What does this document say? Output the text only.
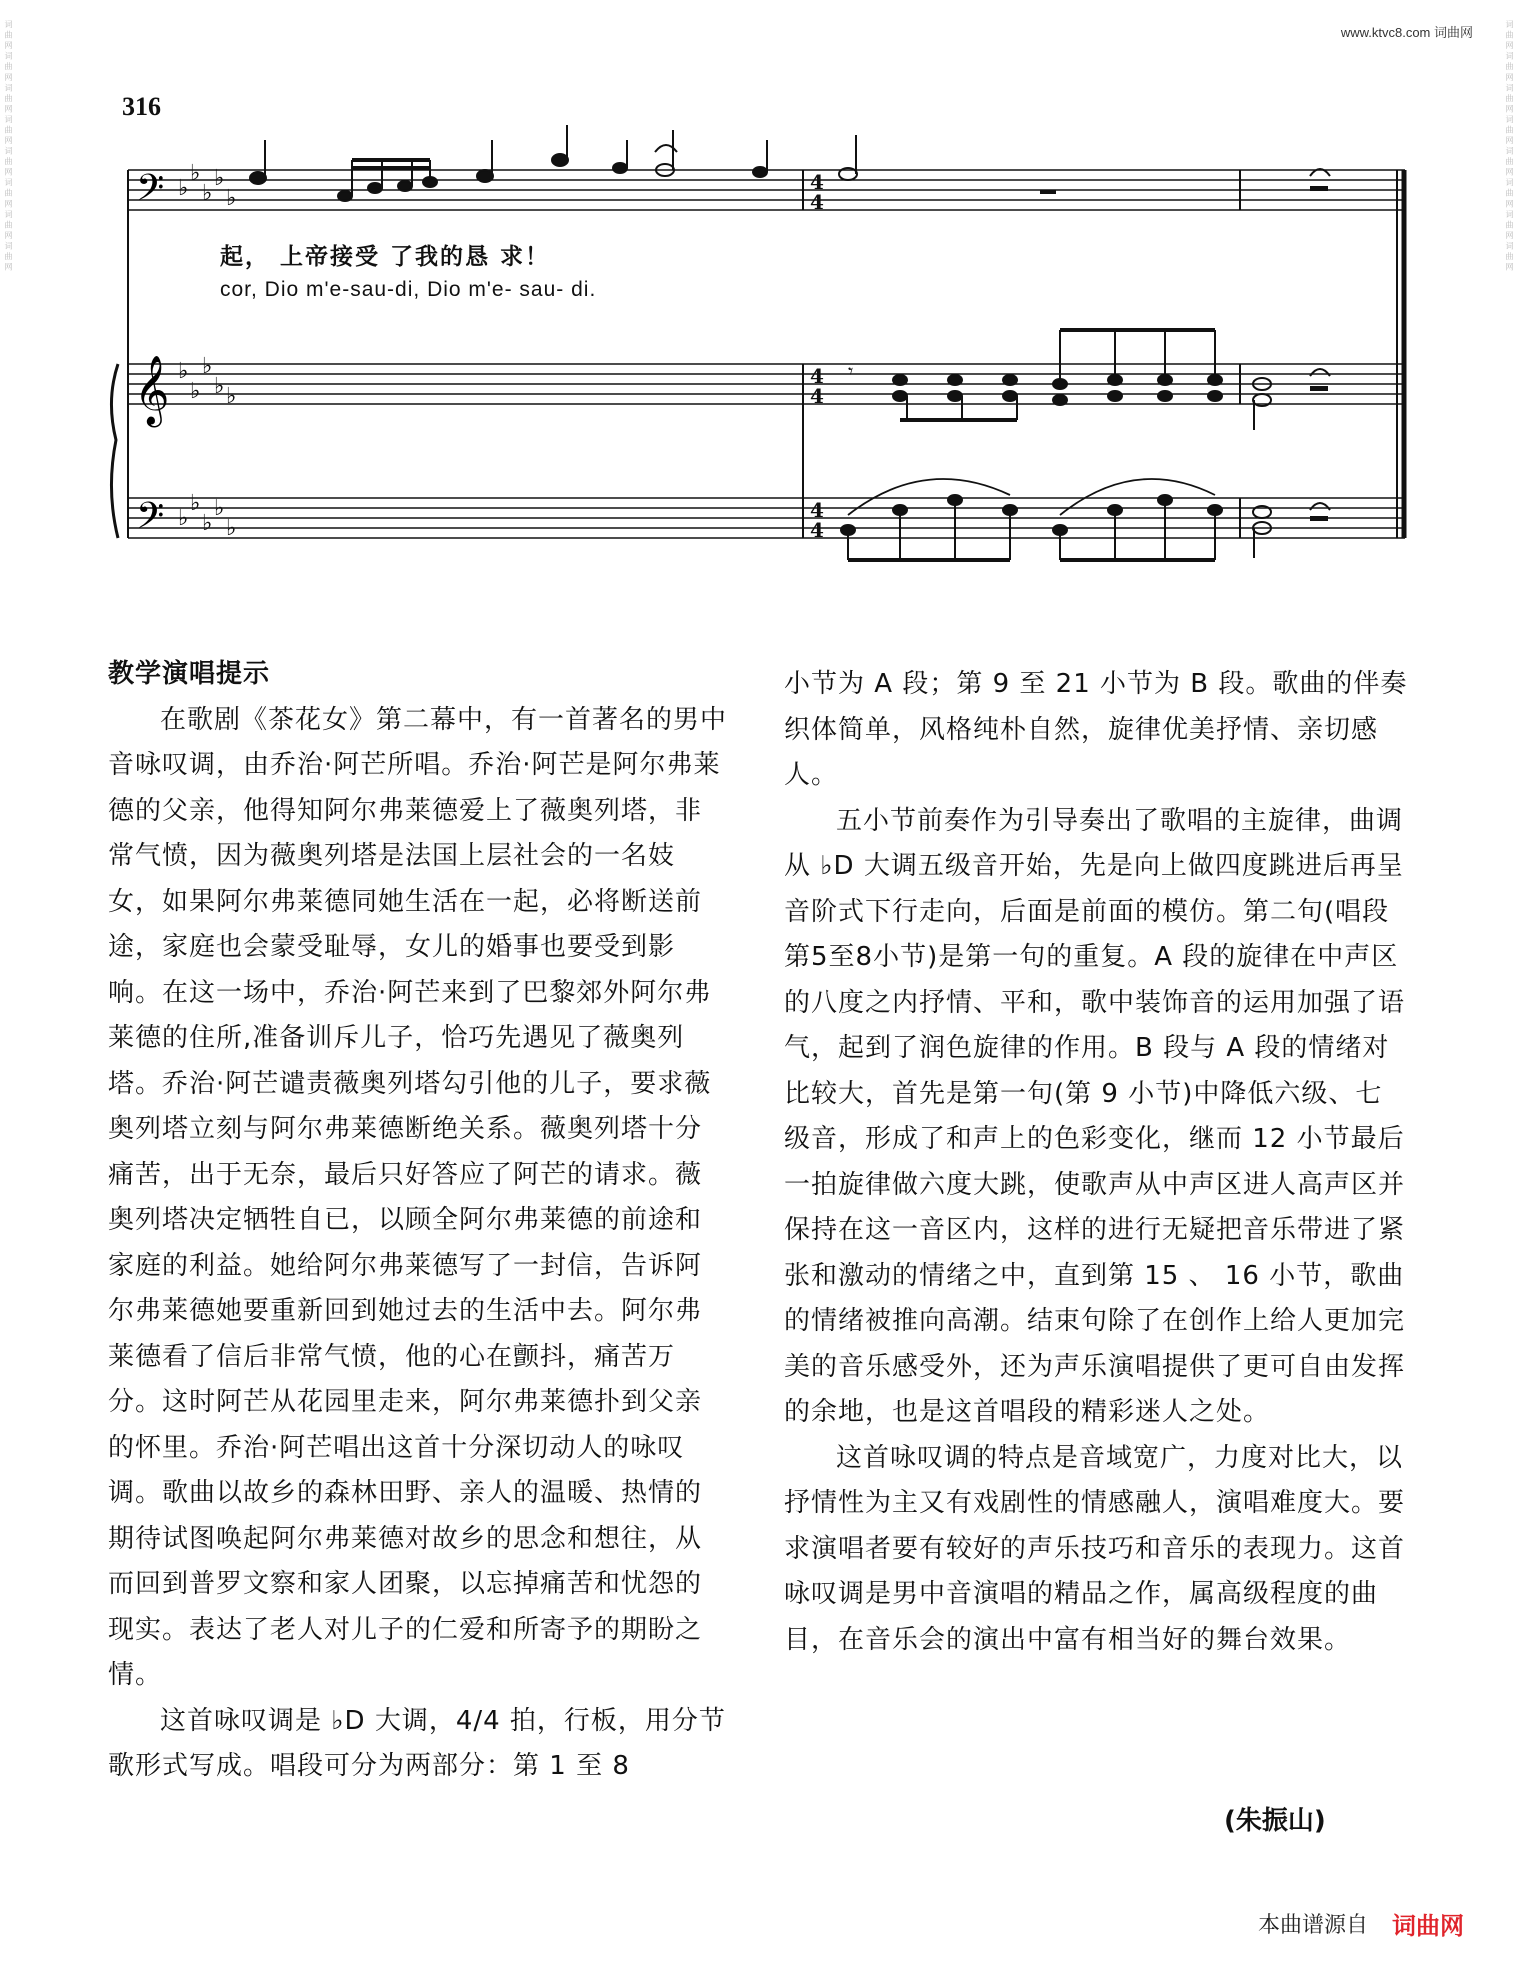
词 曲 网 词 曲 网 词 曲 网 词 曲 网 词 曲 网 词 曲 网 词 曲 网 词 曲 网	词 曲 网 词 曲 网 词 曲 网 词 曲 网 词 曲 网 词 曲 网 词 曲 网 词 曲 网
www.ktvc8.com 词曲网
316
𝄢
𝄞
𝄢
♭
♭
♭
♭
♭
♭
♭
♭
♭ ♭
♭
♭
♭
♭
♭
4
4
4
4
4
4
𝄾
起， 上帝接受 了我的恳 求！
cor, Dio m'e-sau-di, Dio m'e- sau- di.
教学演唱提示

在歌剧《茶花女》第二幕中，有一首著名的男中音咏叹调，由乔治·阿芒所唱。乔治·阿芒是阿尔弗莱德的父亲，他得知阿尔弗莱德爱上了薇奥列塔，非常气愤，因为薇奥列塔是法国上层社会的一名妓女，如果阿尔弗莱德同她生活在一起，必将断送前途，家庭也会蒙受耻辱，女儿的婚事也要受到影响。在这一场中，乔治·阿芒来到了巴黎郊外阿尔弗莱德的住所,准备训斥儿子，恰巧先遇见了薇奥列塔。乔治·阿芒谴责薇奥列塔勾引他的儿子，要求薇奥列塔立刻与阿尔弗莱德断绝关系。薇奥列塔十分痛苦，出于无奈，最后只好答应了阿芒的请求。薇奥列塔决定牺牲自已，以顾全阿尔弗莱德的前途和家庭的利益。她给阿尔弗莱德写了一封信，告诉阿尔弗莱德她要重新回到她过去的生活中去。阿尔弗莱德看了信后非常气愤，他的心在颤抖，痛苦万分。这时阿芒从花园里走来，阿尔弗莱德扑到父亲的怀里。乔治·阿芒唱出这首十分深切动人的咏叹调。歌曲以故乡的森林田野、亲人的温暖、热情的期待试图唤起阿尔弗莱德对故乡的思念和想往，从而回到普罗文察和家人团聚，以忘掉痛苦和忧怨的现实。表达了老人对儿子的仁爱和所寄予的期盼之情。

这首咏叹调是 ♭D 大调，4/4 拍，行板，用分节歌形式写成。唱段可分为两部分：第 1 至 8

小节为 A 段；第 9 至 21 小节为 B 段。歌曲的伴奏织体简单，风格纯朴自然，旋律优美抒情、亲切感人。

五小节前奏作为引导奏出了歌唱的主旋律，曲调从 ♭D 大调五级音开始，先是向上做四度跳进后再呈音阶式下行走向，后面是前面的模仿。第二句(唱段第5至8小节)是第一句的重复。A 段的旋律在中声区的八度之内抒情、平和，歌中装饰音的运用加强了语气，起到了润色旋律的作用。B 段与 A 段的情绪对比较大，首先是第一句(第 9 小节)中降低六级、七级音，形成了和声上的色彩变化，继而 12 小节最后一拍旋律做六度大跳，使歌声从中声区进人高声区并保持在这一音区内，这样的进行无疑把音乐带进了紧张和激动的情绪之中，直到第 15 、 16 小节，歌曲的情绪被推向高潮。结束句除了在创作上给人更加完美的音乐感受外，还为声乐演唱提供了更可自由发挥的余地，也是这首唱段的精彩迷人之处。

这首咏叹调的特点是音域宽广，力度对比大，以抒情性为主又有戏剧性的情感融人，演唱难度大。要求演唱者要有较好的声乐技巧和音乐的表现力。这首咏叹调是男中音演唱的精品之作，属高级程度的曲目，在音乐会的演出中富有相当好的舞台效果。

(朱振山)
本曲谱源自 词曲网
